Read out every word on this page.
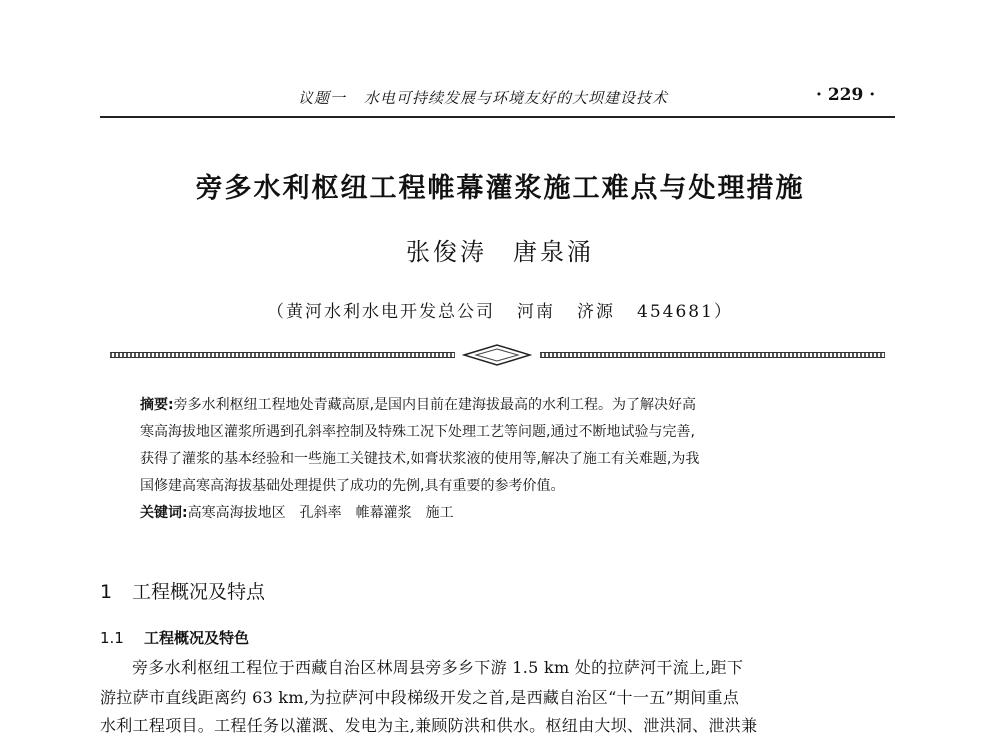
议题一 水电可持续发展与环境友好的大坝建设技术	· 229 ·
旁多水利枢纽工程帷幕灌浆施工难点与处理措施
张俊涛 唐泉涌
（黄河水利水电开发总公司 河南 济源 454681）
摘要:旁多水利枢纽工程地处青藏高原,是国内目前在建海拔最高的水利工程。为了解决好高
寒高海拔地区灌浆所遇到孔斜率控制及特殊工况下处理工艺等问题,通过不断地试验与完善,
获得了灌浆的基本经验和一些施工关键技术,如膏状浆液的使用等,解决了施工有关难题,为我
国修建高寒高海拔基础处理提供了成功的先例,具有重要的参考价值。
关键词:高寒高海拔地区　孔斜率　帷幕灌浆　施工
1 工程概况及特点
1.1 工程概况及特色
旁多水利枢纽工程位于西藏自治区林周县旁多乡下游 1.5 km 处的拉萨河干流上,距下
游拉萨市直线距离约 63 km,为拉萨河中段梯级开发之首,是西藏自治区“十一五”期间重点
水利工程项目。工程任务以灌溉、发电为主,兼顾防洪和供水。枢纽由大坝、泄洪洞、泄洪兼
